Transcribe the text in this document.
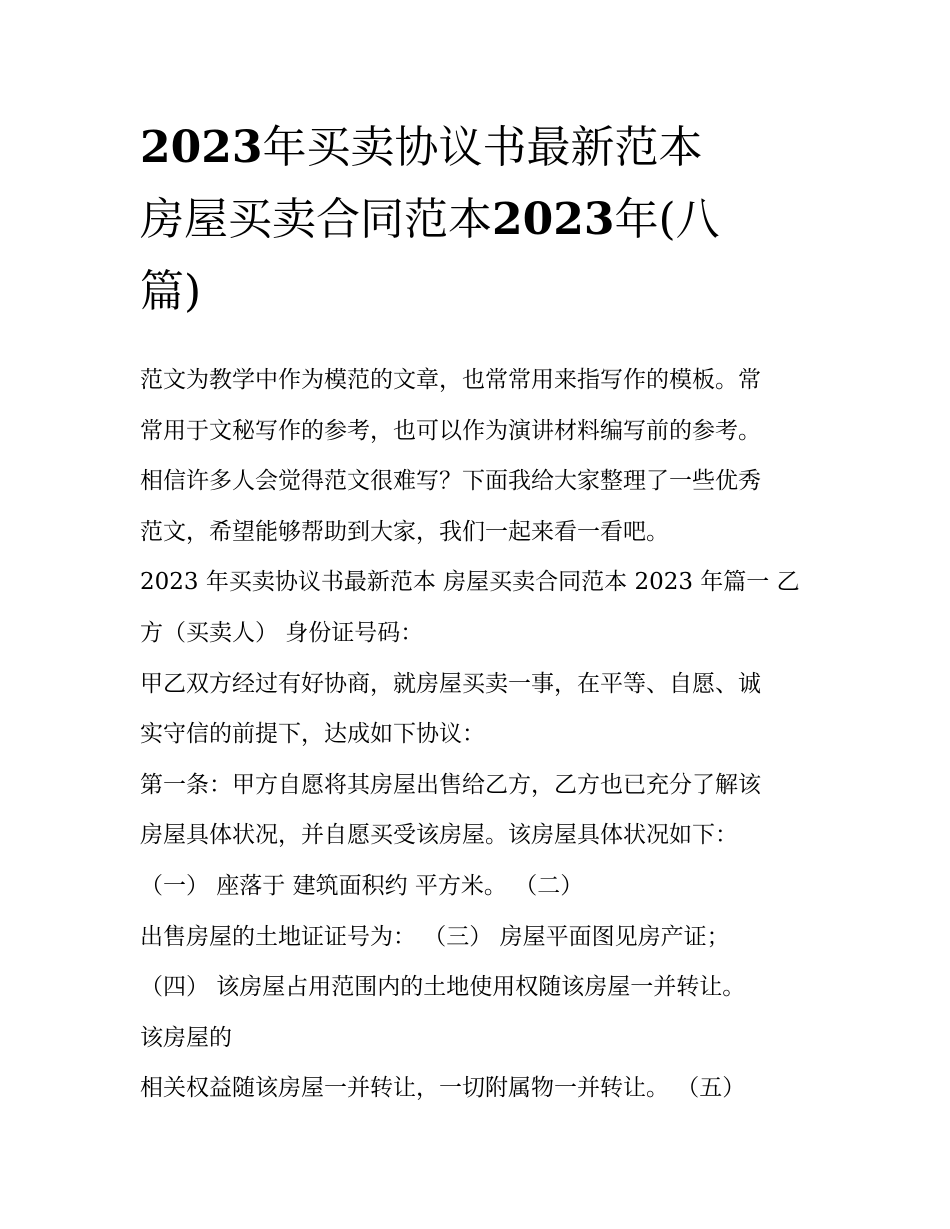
2023年买卖协议书最新范本
房屋买卖合同范本2023年(八
篇)
范文为教学中作为模范的文章，也常常用来指写作的模板。常
常用于文秘写作的参考，也可以作为演讲材料编写前的参考。
相信许多人会觉得范文很难写？下面我给大家整理了一些优秀
范文，希望能够帮助到大家，我们一起来看一看吧。
2023 年买卖协议书最新范本 房屋买卖合同范本 2023 年篇一 乙
方（买卖人） 身份证号码：
甲乙双方经过有好协商，就房屋买卖一事，在平等、自愿、诚
实守信的前提下，达成如下协议：
第一条：甲方自愿将其房屋出售给乙方，乙方也已充分了解该
房屋具体状况，并自愿买受该房屋。该房屋具体状况如下：
（一） 座落于 建筑面积约 平方米。 （二）
出售房屋的土地证证号为： （三） 房屋平面图见房产证；
（四） 该房屋占用范围内的土地使用权随该房屋一并转让。
该房屋的
相关权益随该房屋一并转让，一切附属物一并转让。 （五）
